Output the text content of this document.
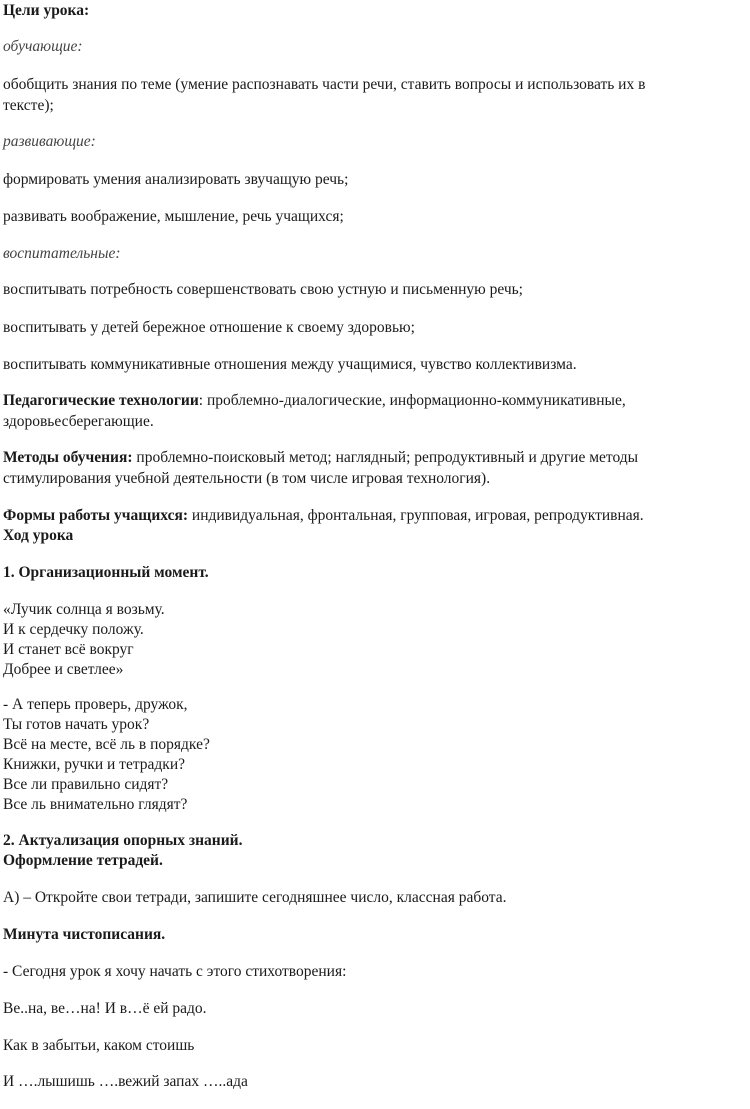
Цели урока:
обучающие:
обобщить знания по теме (умение распознавать части речи, ставить вопросы и использовать их в
тексте);
развивающие:
формировать умения анализировать звучащую речь;
развивать воображение, мышление, речь учащихся;
воспитательные:
воспитывать потребность совершенствовать свою устную и письменную речь;
воспитывать у детей бережное отношение к своему здоровью;
воспитывать коммуникативные отношения между учащимися, чувство коллективизма.
Педагогические технологии: проблемно-диалогические, информационно-коммуникативные,
здоровьесберегающие.
Методы обучения: проблемно-поисковый метод; наглядный; репродуктивный и другие методы
стимулирования учебной деятельности (в том числе игровая технология).
Формы работы учащихся: индивидуальная, фронтальная, групповая, игровая, репродуктивная.
Ход урока
1. Организационный момент.
«Лучик солнца я возьму.
И к сердечку положу.
И станет всё вокруг
Добрее и светлее»
- А теперь проверь, дружок,
Ты готов начать урок?
Всё на месте, всё ль в порядке?
Книжки, ручки и тетрадки?
Все ли правильно сидят?
Все ль внимательно глядят?
2. Актуализация опорных знаний.
Оформление тетрадей.
А) – Откройте свои тетради, запишите сегодняшнее число, классная работа.
Минута чистописания.
- Сегодня урок я хочу начать с этого стихотворения:
Ве..на, ве…на! И в…ё ей радо.
Как в забытьи, каком стоишь
И ….лышишь ….вежий запах …..ада
